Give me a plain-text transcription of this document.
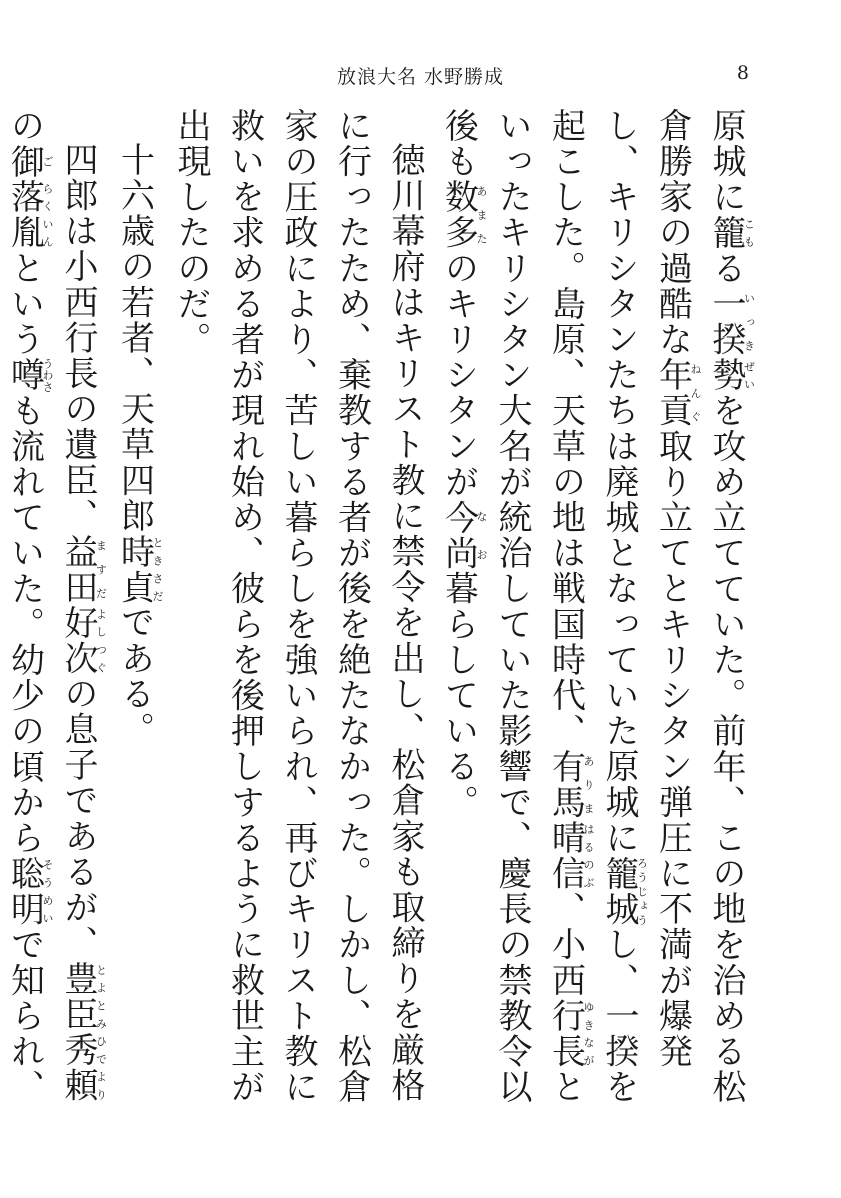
放浪大名 水野勝成	8

原城に籠こもる一揆いっき勢ぜいを攻め立てていた。前年、この地を治める松倉勝家の過酷な年貢ねんぐ取り立てとキリシタン弾圧に不満が爆発し、キリシタンたちは廃城となっていた原城に籠城ろうじょうし、一揆を起こした。島原、天草の地は戦国時代、有馬ありま晴信はるのぶ、小西行長ゆきながといったキリシタン大名が統治していた影響で、慶長の禁教令以後も数多あまたのキリシタンが今尚なお暮らしている。

徳川幕府はキリスト教に禁令を出し、松倉家も取締りを厳格に行ったため、棄教する者が後を絶たなかった。しかし、松倉家の圧政により、苦しい暮らしを強いられ、再びキリスト教に救いを求める者が現れ始め、彼らを後押しするように救世主が出現したのだ。

十六歳の若者、天草四郎時貞ときさだである。

四郎は小西行長の遺臣、益田ますだ好次よしつぐの息子であるが、豊臣秀頼とよとみひでよりの御ご落胤らくいんという噂うわさも流れていた。幼少の頃から聡明そうめいで知られ、
